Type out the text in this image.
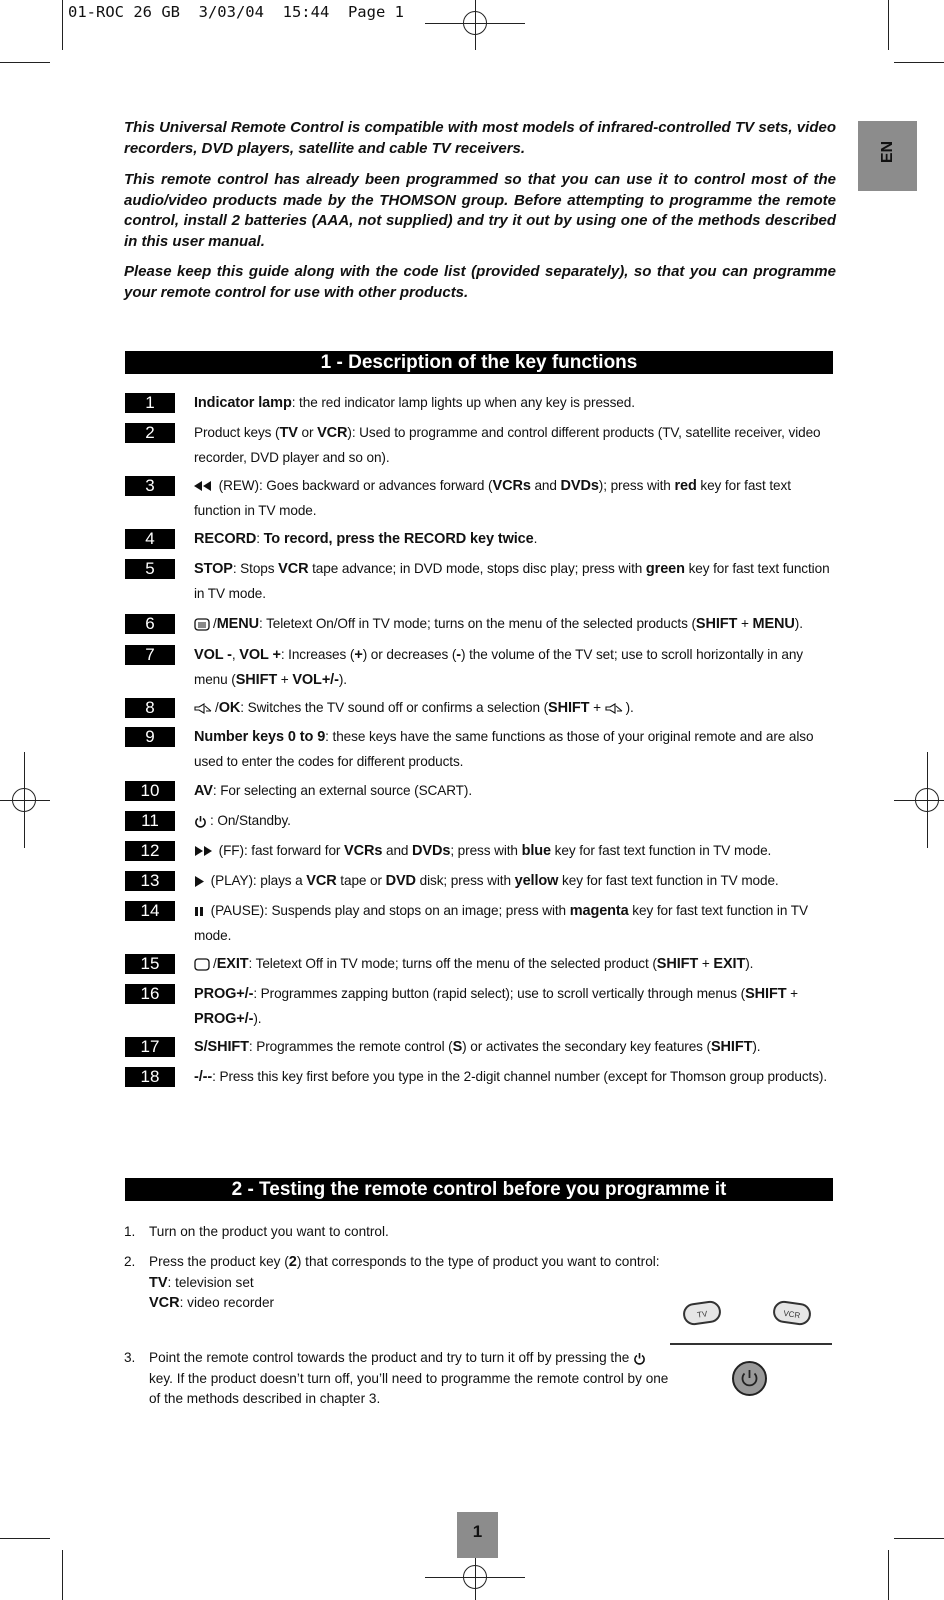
01-ROC 26 GB  3/03/04  15:44  Page 1
EN

This Universal Remote Control is compatible with most models of infrared-controlled TV sets, video recorders, DVD players, satellite and cable TV receivers.

This remote control has already been programmed so that you can use it to control most of the audio/video products made by the THOMSON group. Before attempting to programme the remote control, install 2 batteries (AAA, not supplied) and try it out by using one of the methods described in this user manual.

Please keep this guide along with the code list (provided separately), so that you can programme your remote control for use with other products.

1 - Description of the key functions
1	Indicator lamp: the red indicator lamp lights up when any key is pressed.
2	Product keys (TV or VCR): Used to programme and control different products (TV, satellite receiver, video recorder, DVD player and so on).
3	(REW): Goes backward or advances forward (VCRs and DVDs); press with red key for fast text function in TV mode.
4	RECORD: To record, press the RECORD key twice.
5	STOP: Stops VCR tape advance; in DVD mode, stops disc play; press with green key for fast text function in TV mode.
6	/MENU: Teletext On/Off in TV mode; turns on the menu of the selected products (SHIFT + MENU).
7	VOL -, VOL +: Increases (+) or decreases (-) the volume of the TV set; use to scroll horizontally in any menu (SHIFT + VOL+/-).
8	/OK: Switches the TV sound off or confirms a selection (SHIFT + ).
9	Number keys 0 to 9: these keys have the same functions as those of your original remote and are also used to enter the codes for different products.
10	AV: For selecting an external source (SCART).
11	: On/Standby.
12	(FF): fast forward for VCRs and DVDs; press with blue key for fast text function in TV mode.
13	(PLAY): plays a VCR tape or DVD disk; press with yellow key for fast text function in TV mode.
14	(PAUSE): Suspends play and stops on an image; press with magenta key for fast text function in TV mode.
15	/EXIT: Teletext Off in TV mode; turns off the menu of the selected product (SHIFT + EXIT).
16	PROG+/-: Programmes zapping button (rapid select); use to scroll vertically through menus (SHIFT + PROG+/-).
17	S/SHIFT: Programmes the remote control (S) or activates the secondary key features (SHIFT).
18	-/--: Press this key first before you type in the 2-digit channel number (except for Thomson group products).
2 - Testing the remote control before you programme it
1. Turn on the product you want to control.
2. Press the product key (2) that corresponds to the type of product you want to control:
TV: television set
VCR: video recorder
3. Point the remote control towards the product and try to turn it off by pressing the  key. If the product doesn’t turn off, you’ll need to programme the remote control by one of the methods described in chapter 3.
TV	VCR
1
